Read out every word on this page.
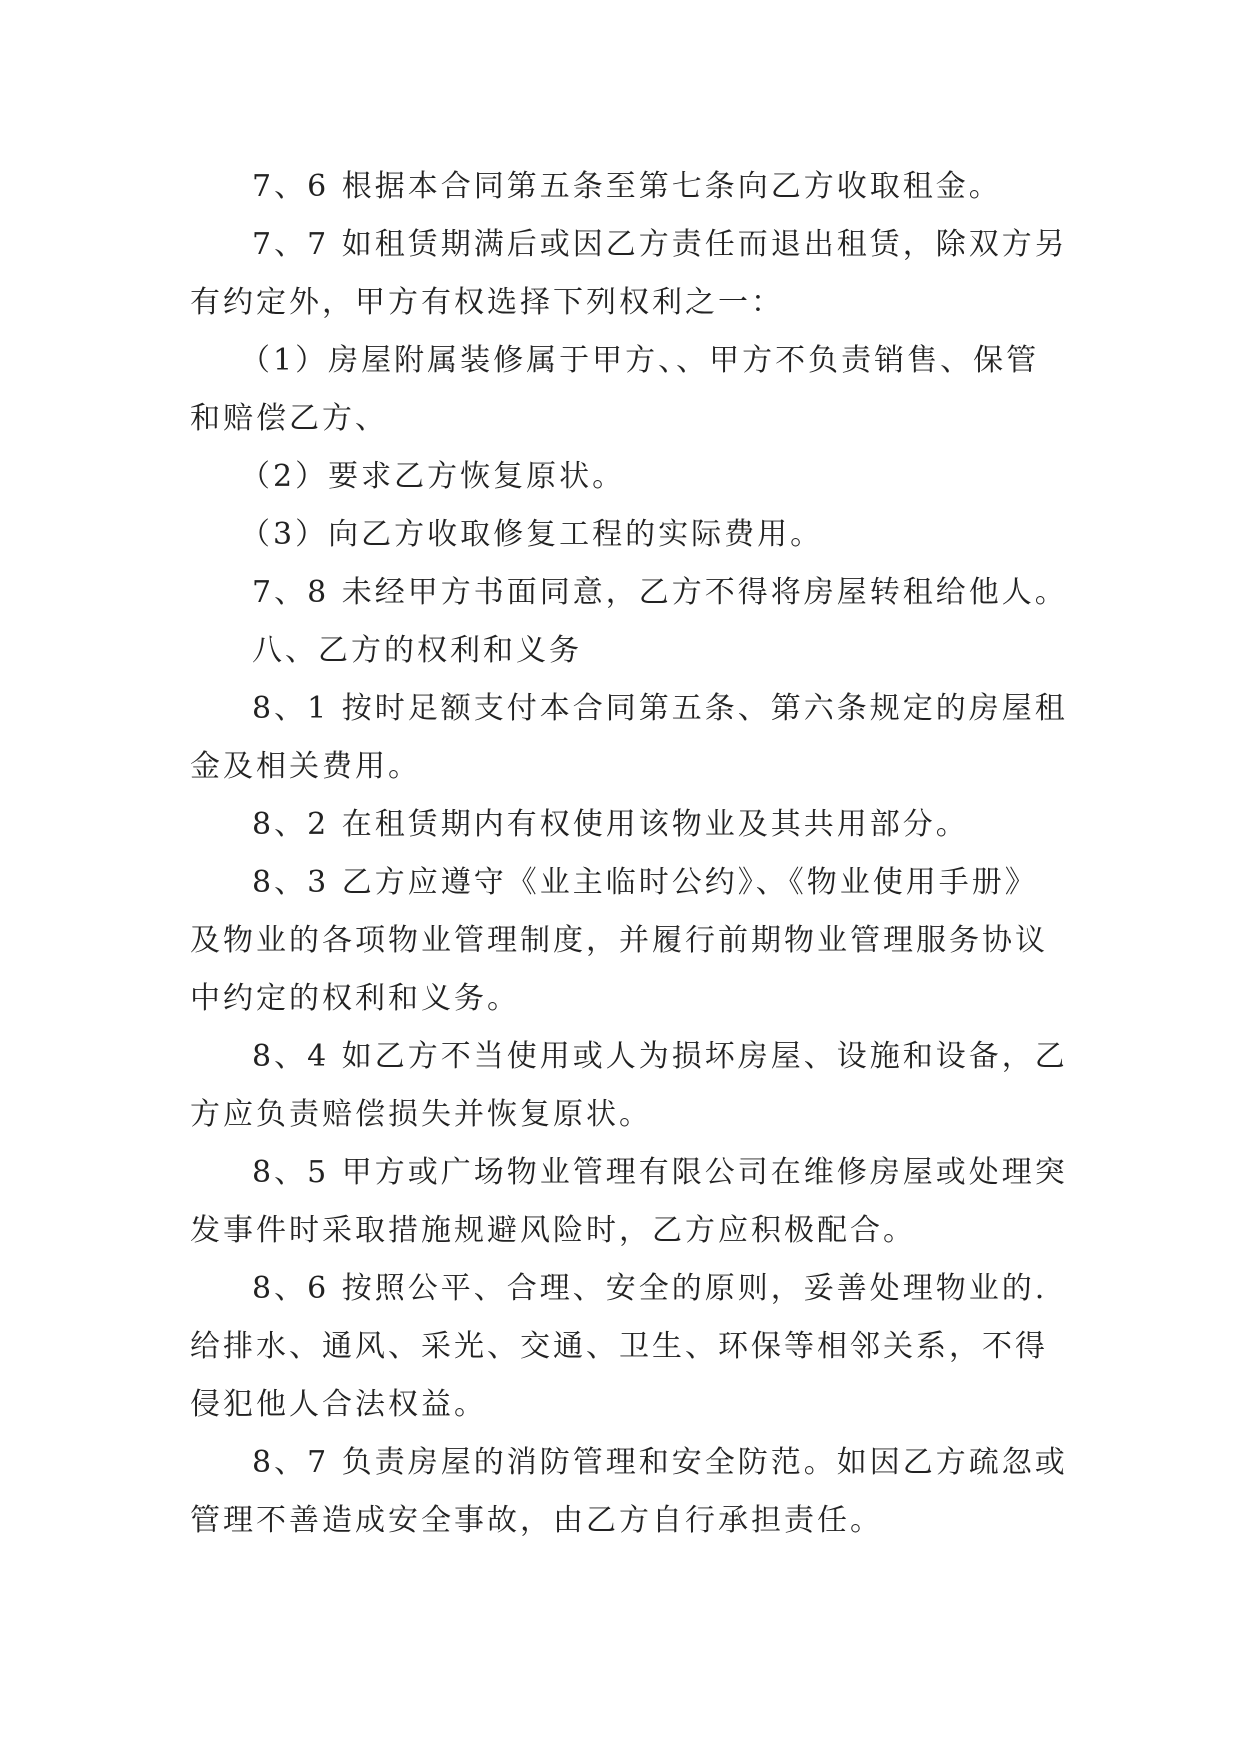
7、6 根据本合同第五条至第七条向乙方收取租金。

7、7 如租赁期满后或因乙方责任而退出租赁，除双方另有约定外，甲方有权选择下列权利之一：

（1）房屋附属装修属于甲方、、甲方不负责销售、保管和赔偿乙方、

（2）要求乙方恢复原状。

（3）向乙方收取修复工程的实际费用。

7、8 未经甲方书面同意，乙方不得将房屋转租给他人。

八、乙方的权利和义务

8、1 按时足额支付本合同第五条、第六条规定的房屋租金及相关费用。

8、2 在租赁期内有权使用该物业及其共用部分。

8、3 乙方应遵守《业主临时公约》、《物业使用手册》及物业的各项物业管理制度，并履行前期物业管理服务协议中约定的权利和义务。

8、4 如乙方不当使用或人为损坏房屋、设施和设备，乙方应负责赔偿损失并恢复原状。

8、5 甲方或广场物业管理有限公司在维修房屋或处理突发事件时采取措施规避风险时，乙方应积极配合。

8、6 按照公平、合理、安全的原则，妥善处理物业的.给排水、通风、采光、交通、卫生、环保等相邻关系，不得侵犯他人合法权益。

8、7 负责房屋的消防管理和安全防范。如因乙方疏忽或管理不善造成安全事故，由乙方自行承担责任。
